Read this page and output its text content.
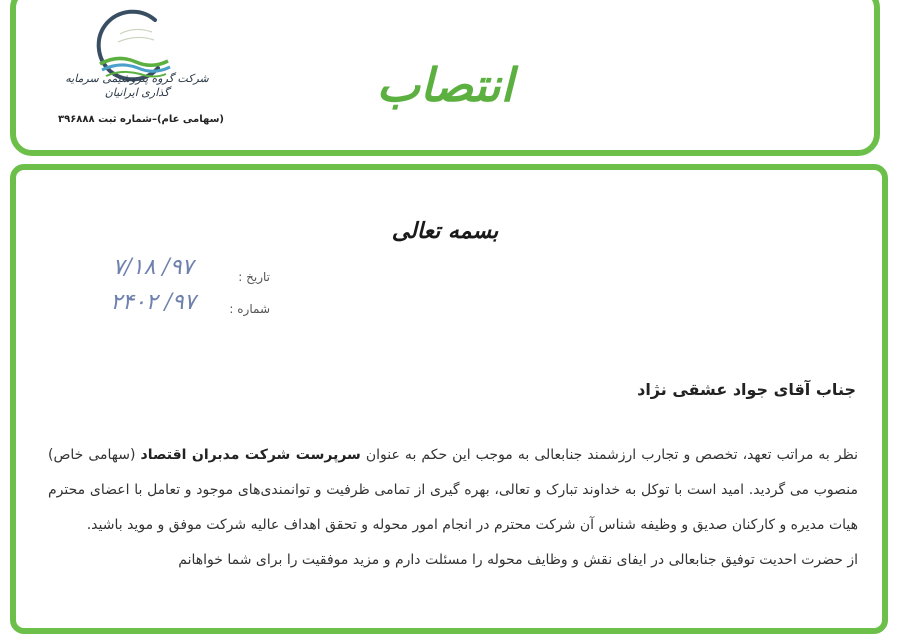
شرکت گروه پتروشیمی سرمایه گذاری ایرانیان
(سهامی عام)–شماره ثبت ۳۹۶۸۸۸
انتصاب
بسمه تعالی
تاریخ :
۹۷/ ۷/۱۸
شماره :
۹۷/ ۲۴۰۲
جناب آقای جواد عشقی نژاد
نظر به مراتب تعهد، تخصص و تجارب ارزشمند جنابعالی به موجب این حکم به عنوان سرپرست شرکت مدبران اقتصاد (سهامی خاص) منصوب می گردید. امید است با توکل به خداوند تبارک و تعالی، بهره گیری از تمامی ظرفیت و توانمندی‌های موجود و تعامل با اعضای محترم هیات مدیره و کارکنان صدیق و وظیفه شناس آن شرکت محترم در انجام امور محوله و تحقق اهداف عالیه شرکت موفق و موید باشید.
از حضرت احدیت توفیق جنابعالی در ایفای نقش و وظایف محوله را مسئلت دارم و مزید موفقیت را برای شما خواهانم
